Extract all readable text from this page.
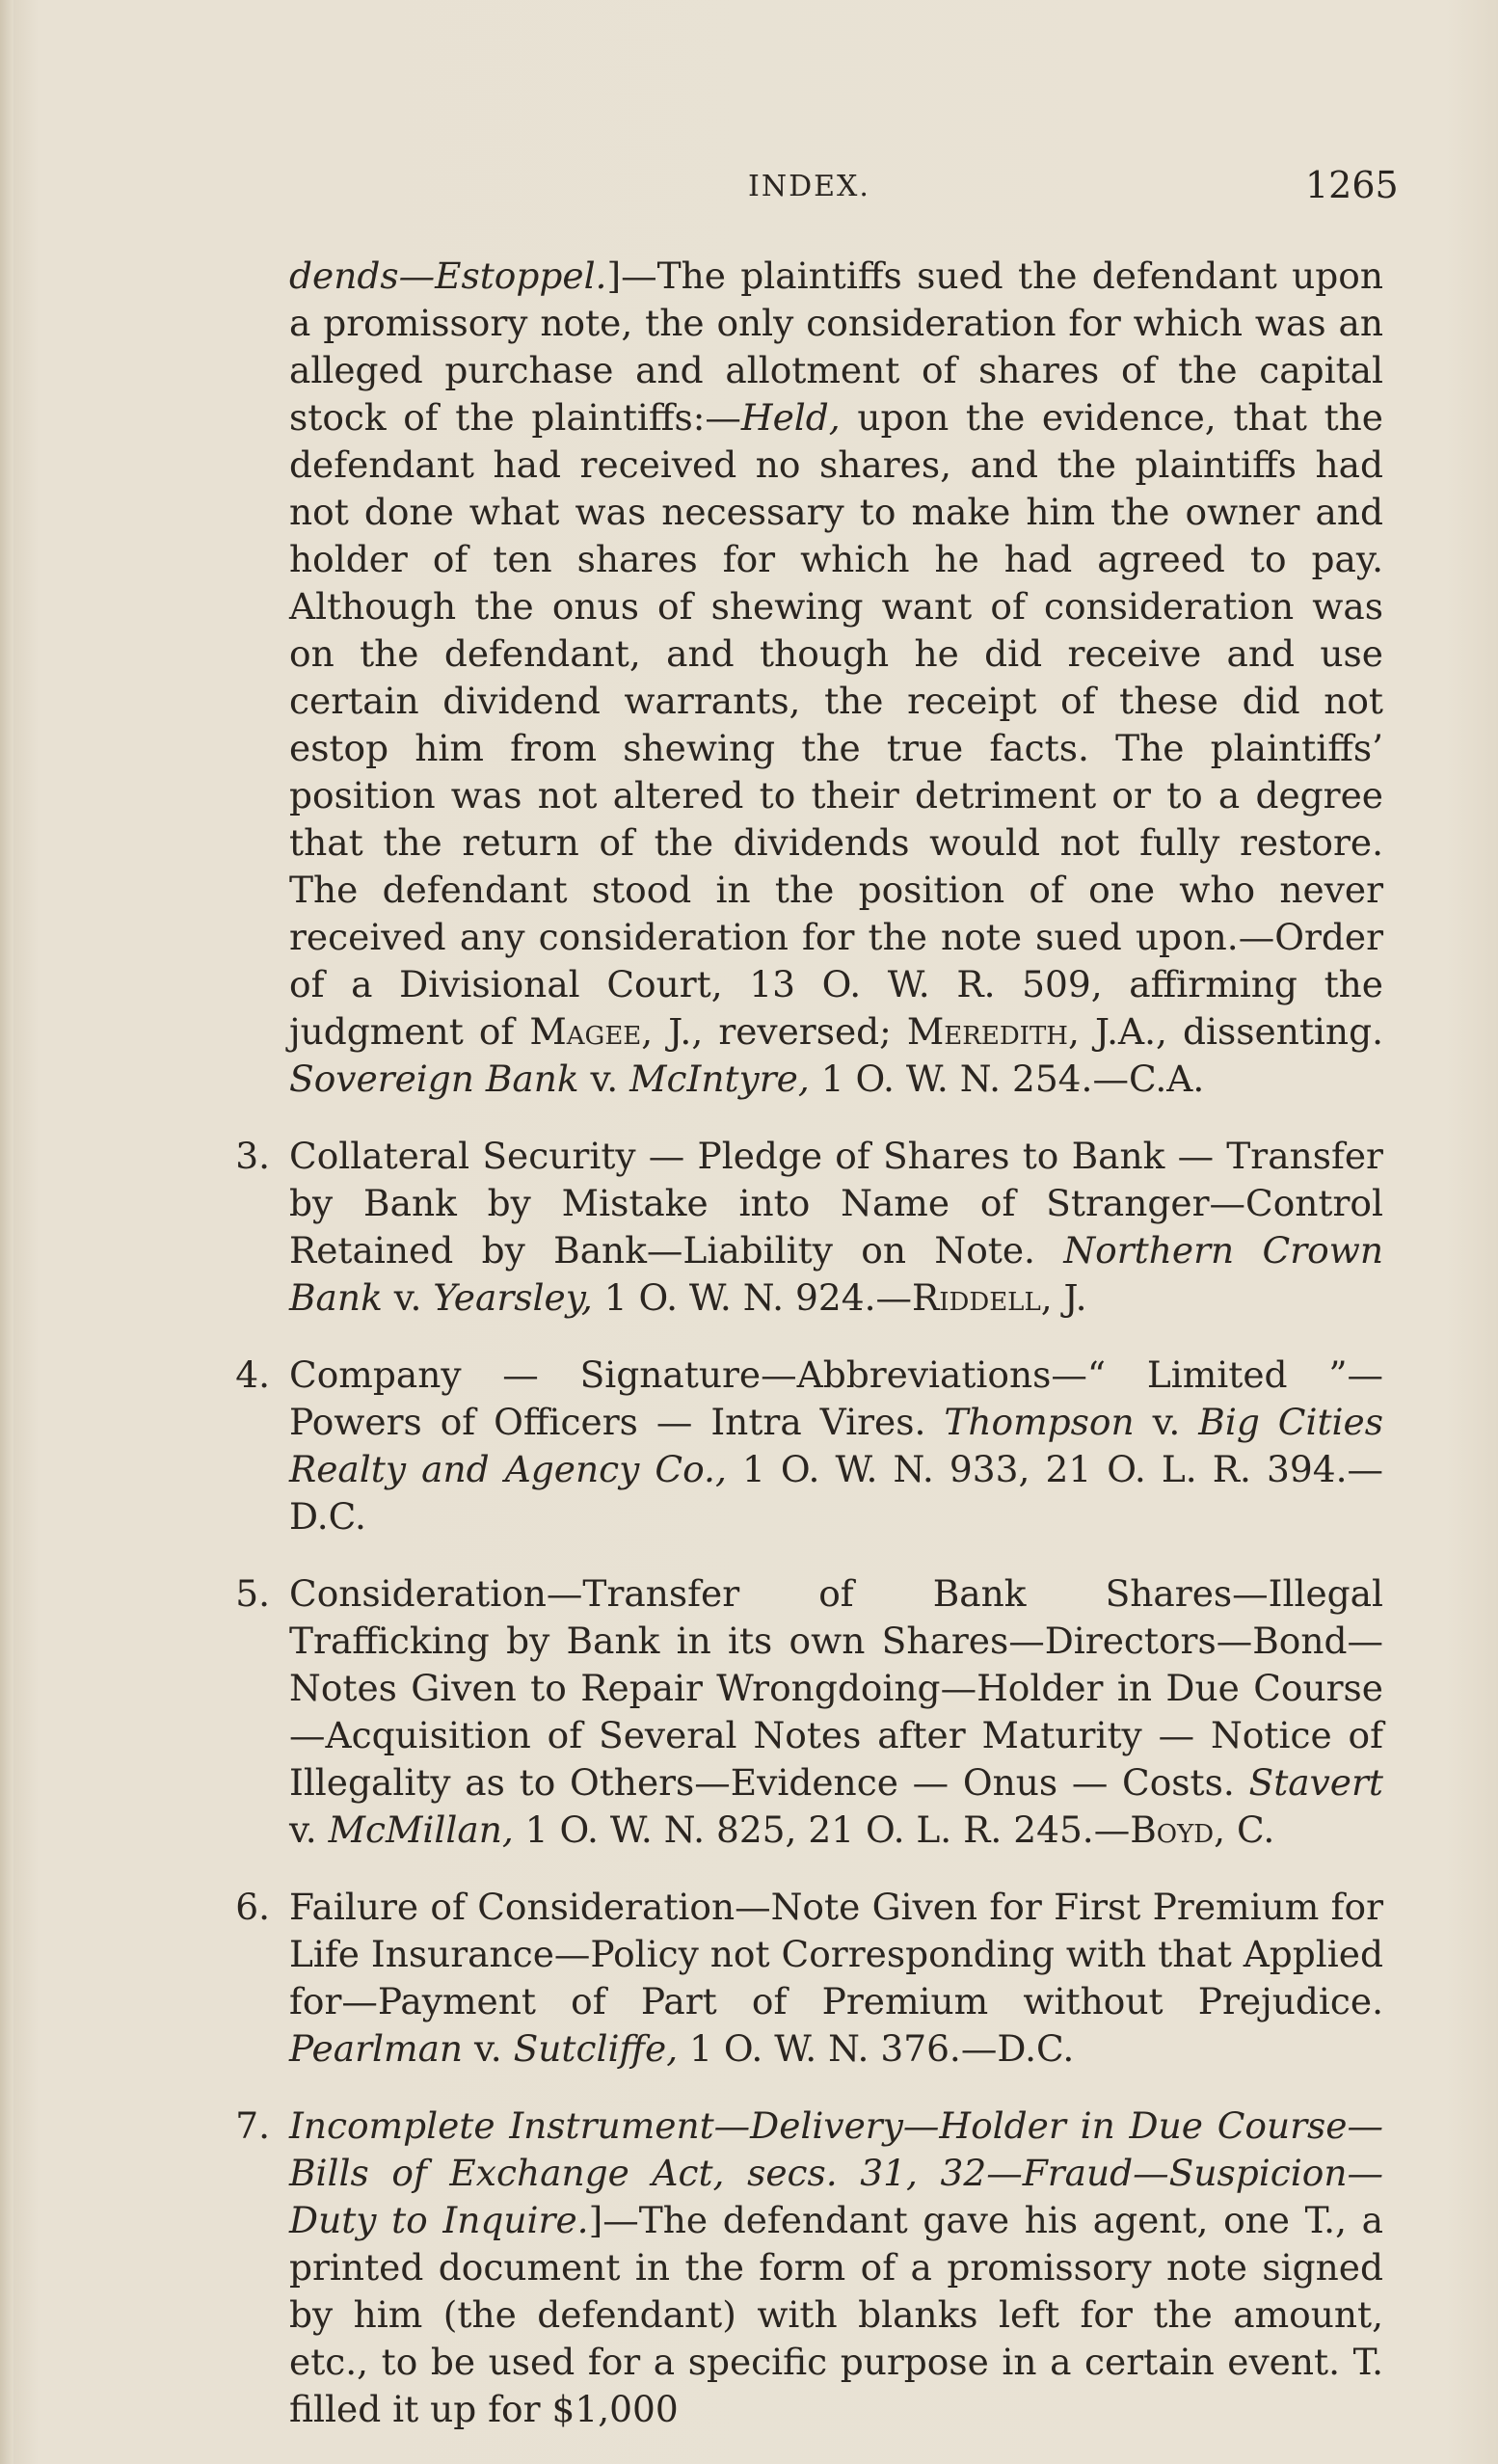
INDEX.	1265

dends—Estoppel.]—The plaintiffs sued the defendant upon a promissory note, the only consideration for which was an alleged purchase and allotment of shares of the capital stock of the plaintiffs:—Held, upon the evidence, that the defendant had received no shares, and the plaintiffs had not done what was necessary to make him the owner and holder of ten shares for which he had agreed to pay. Although the onus of shewing want of consideration was on the defendant, and though he did receive and use certain dividend warrants, the receipt of these did not estop him from shewing the true facts. The plaintiffs’ position was not altered to their detriment or to a degree that the return of the dividends would not fully restore. The defendant stood in the position of one who never received any consideration for the note sued upon.—Order of a Divisional Court, 13 O. W. R. 509, affirming the judgment of Magee, J., reversed; Meredith, J.A., dissenting. Sovereign Bank v. McIntyre, 1 O. W. N. 254.—C.A.

3. Collateral Security — Pledge of Shares to Bank — Transfer by Bank by Mistake into Name of Stranger—Control Retained by Bank—Liability on Note. Northern Crown Bank v. Yearsley, 1 O. W. N. 924.—Riddell, J.

4. Company — Signature—Abbreviations—“ Limited ”—Powers of Officers — Intra Vires. Thompson v. Big Cities Realty and Agency Co., 1 O. W. N. 933, 21 O. L. R. 394.—D.C.

5. Consideration—Transfer of Bank Shares—Illegal Trafficking by Bank in its own Shares—Directors—Bond—Notes Given to Repair Wrongdoing—Holder in Due Course—Acquisition of Several Notes after Maturity — Notice of Illegality as to Others—Evidence — Onus — Costs. Stavert v. McMillan, 1 O. W. N. 825, 21 O. L. R. 245.—Boyd, C.

6. Failure of Consideration—Note Given for First Premium for Life Insurance—Policy not Corresponding with that Applied for—Payment of Part of Premium without Prejudice. Pearlman v. Sutcliffe, 1 O. W. N. 376.—D.C.

7. Incomplete Instrument—Delivery—Holder in Due Course—Bills of Exchange Act, secs. 31, 32—Fraud—Suspicion—Duty to Inquire.]—The defendant gave his agent, one T., a printed document in the form of a promissory note signed by him (the defendant) with blanks left for the amount, etc., to be used for a specific purpose in a certain event. T. filled it up for $1,000
